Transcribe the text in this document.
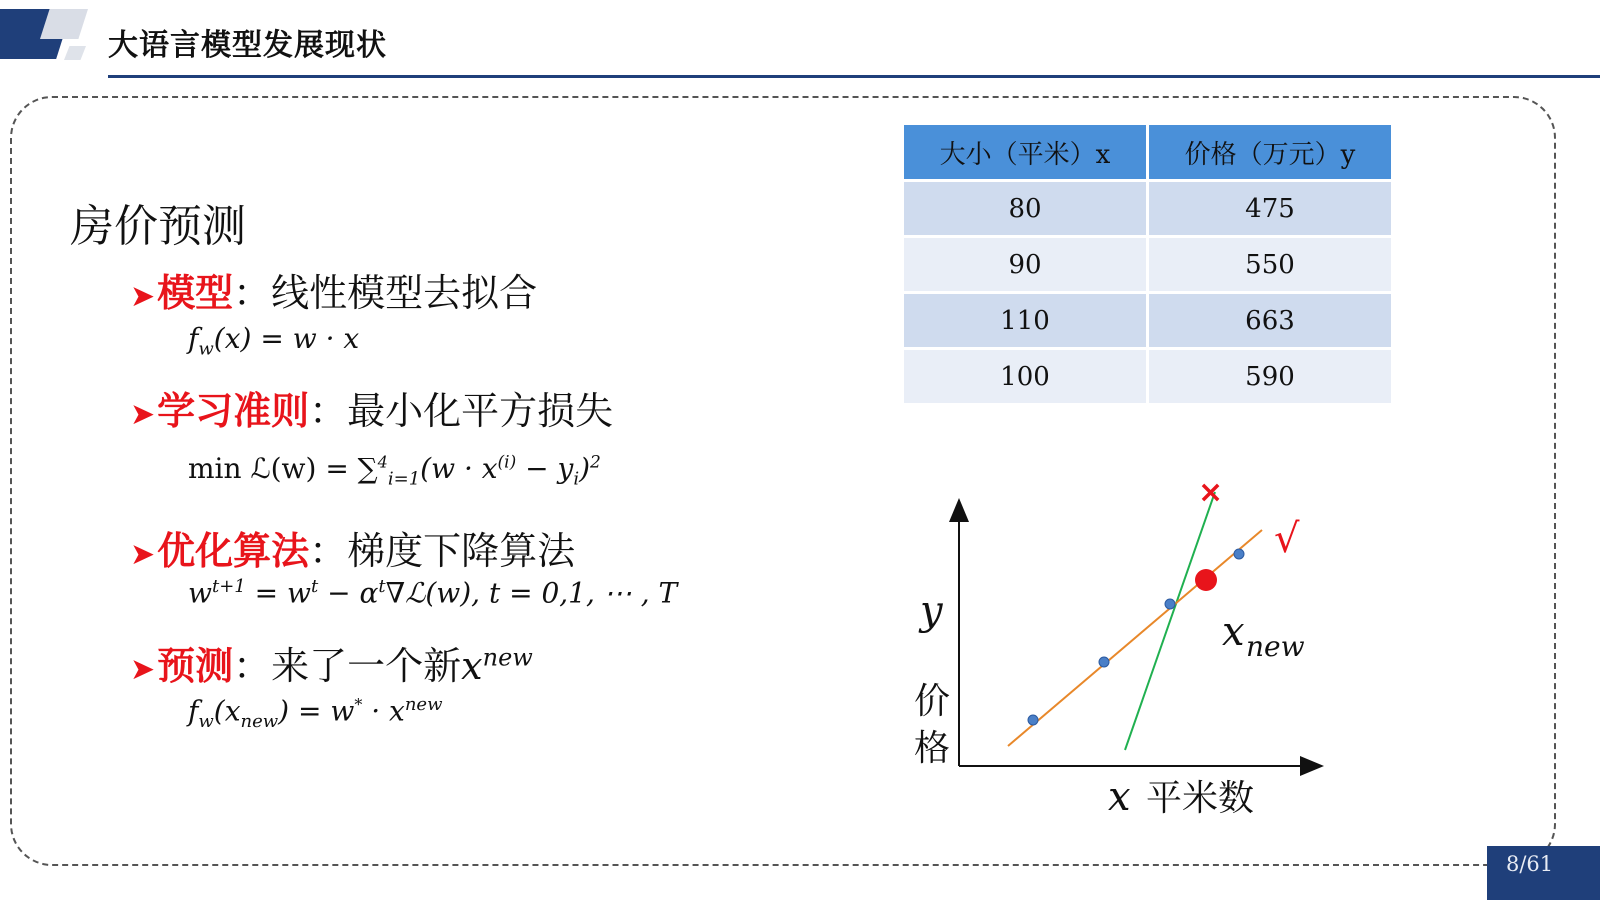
大语言模型发展现状
房价预测
➤模型：线性模型去拟合
$f_w(x) = w \cdot x$
➤学习准则：最小化平方损失
min ℒ(w) = $\sum^4_{i=1}(w \cdot x^{(i)} - y_i)^2$
➤优化算法：梯度下降算法
$w^{t+1} = w^t$ − $\alpha^t\nabla ℒ(w)$, t = 0,1, ⋯ , T
➤预测：来了一个新$x^{new}$
$f_w(x_{new}) = w^* \cdot x^{new}$
大小（平米）x	价格（万元）y
80	475
90	550
110	663
100	590
×
√
y
价
格
x 平米数
x new
8/61
